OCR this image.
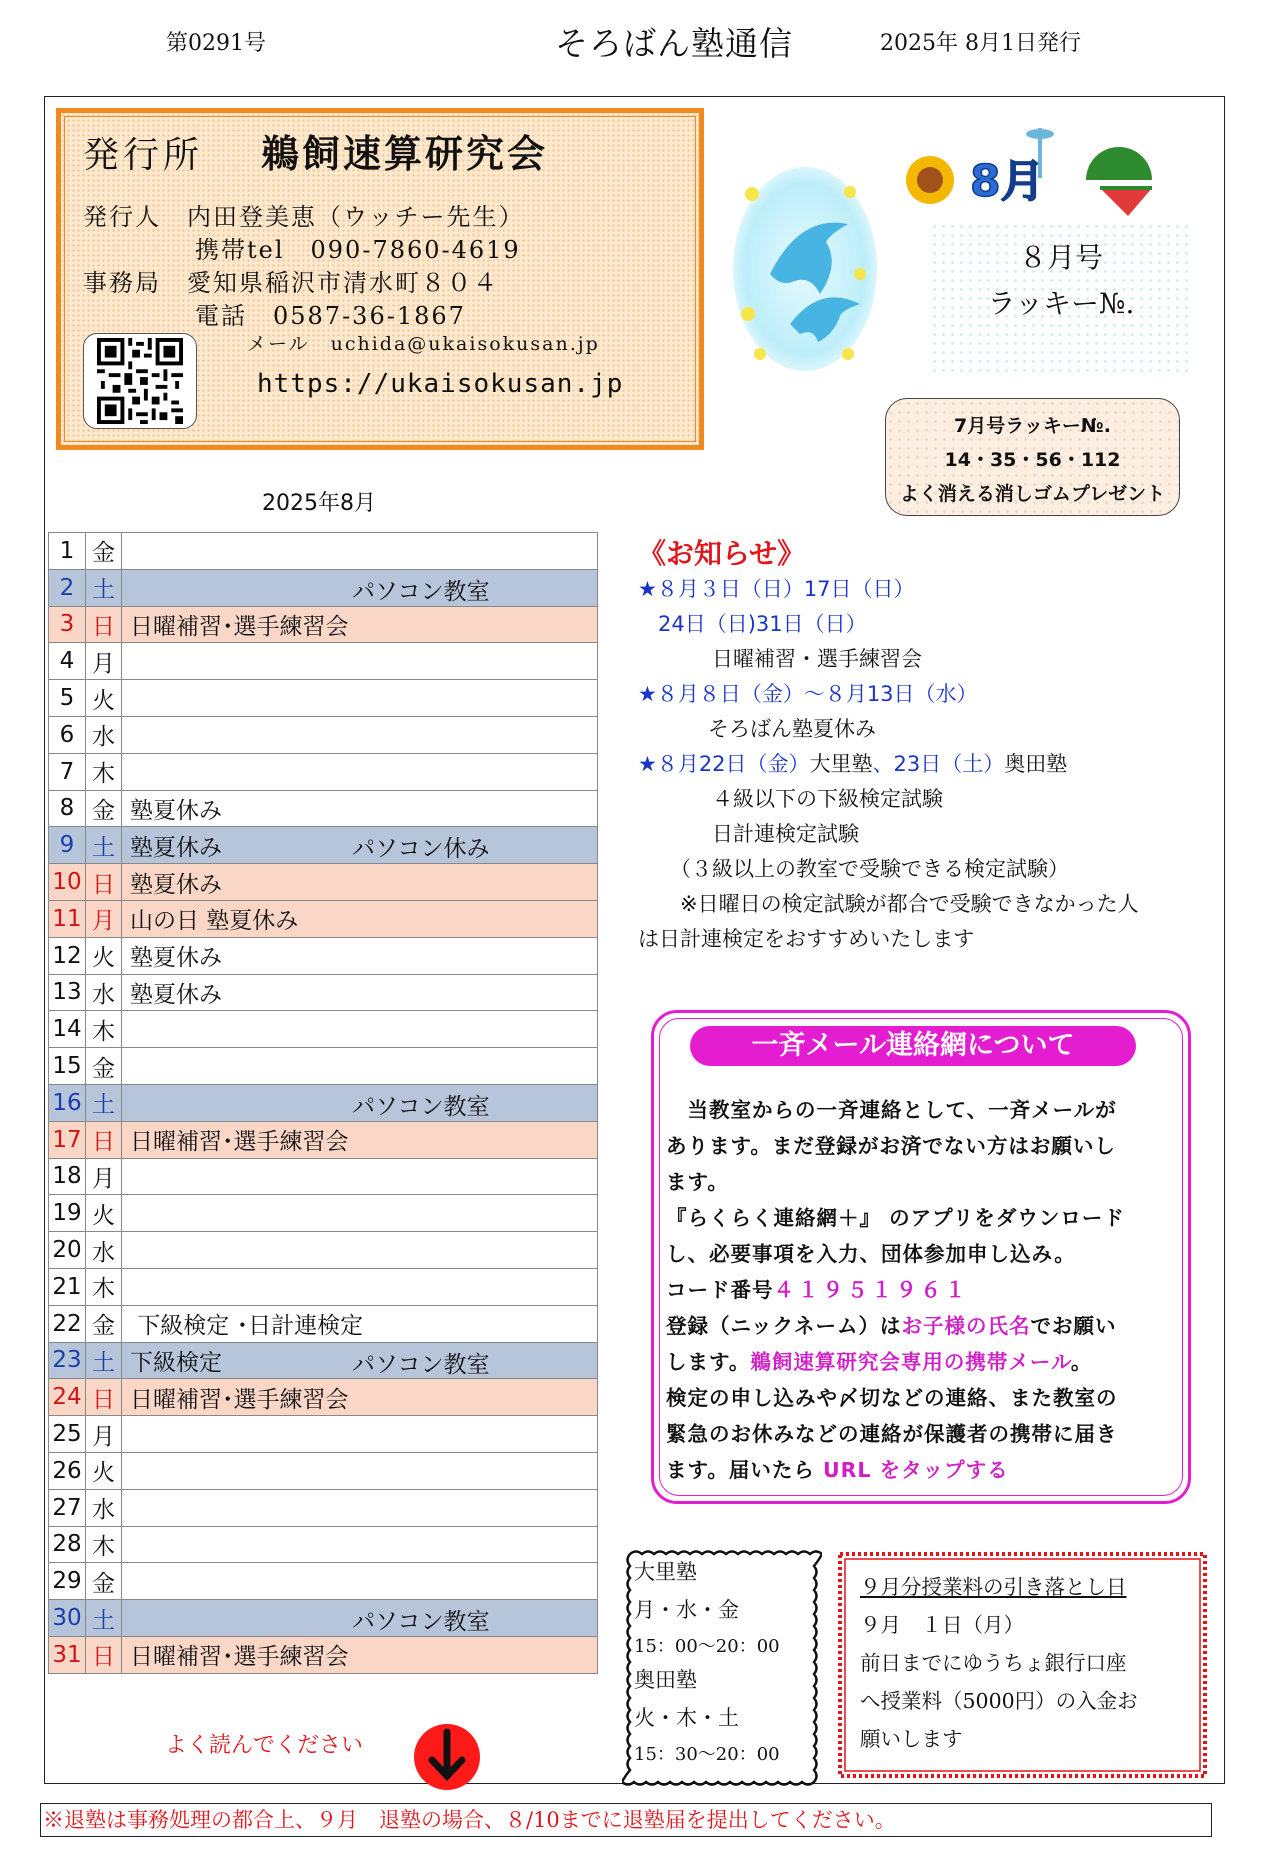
第0291号	そろばん塾通信	2025年 8月1日発行
発行所 鵜飼速算研究会
発行人　内田登美恵（ウッチー先生）
携帯tel　090-7860-4619
事務局　愛知県稲沢市清水町８０４
電話　0587-36-1867
メール　uchida@ukaisokusan.jp
https://ukaisokusan.jp
8月
８月号
ラッキー№.
7月号ラッキー№.
14・35・56・112
よく消える消しゴムプレゼント
2025年8月
1	金	
2	土	パソコン教室

3	日	日曜補習･選手練習会
4	月	
5	火	
6	水	
7	木	
8	金	塾夏休み
9	土	塾夏休み パソコン休み

10	日	塾夏休み
11	月	山の日 塾夏休み
12	火	塾夏休み
13	水	塾夏休み
14	木	
15	金	
16	土	パソコン教室

17	日	日曜補習･選手練習会
18	月	
19	火	
20	水	
21	木	
22	金	下級検定 ･日計連検定
23	土	下級検定 パソコン教室

24	日	日曜補習･選手練習会
25	月	
26	火	
27	水	
28	木	
29	金	
30	土	パソコン教室

31	日	日曜補習･選手練習会
《お知らせ》
★８月３日（日）17日（日）
24日（日)31日（日）
日曜補習・選手練習会
★８月８日（金）～８月13日（水）
そろばん塾夏休み
★８月22日（金）大里塾、23日（土）奥田塾
４級以下の下級検定試験
日計連検定試験
（３級以上の教室で受験できる検定試験）
※日曜日の検定試験が都合で受験できなかった人
は日計連検定をおすすめいたします
一斉メール連絡網について
　当教室からの一斉連絡として、一斉メールが
あります。まだ登録がお済でない方はお願いし
ます。
『らくらく連絡網＋』 のアプリをダウンロード
し、必要事項を入力、団体参加申し込み。
コード番号４１９５１９６１
登録（ニックネーム）はお子様の氏名でお願い
します。鵜飼速算研究会専用の携帯メール。
検定の申し込みや〆切などの連絡、また教室の
緊急のお休みなどの連絡が保護者の携帯に届き
ます。届いたら URL をタップする
大里塾
月・水・金
15：00～20：00
奥田塾
火・木・土
15：30～20：00
９月分授業料の引き落とし日
９月　１日（月）
前日までにゆうちょ銀行口座
へ授業料（5000円）の入金お
願いします
よく読んでください
※退塾は事務処理の都合上、９月　退塾の場合、８/10までに退塾届を提出してください。
